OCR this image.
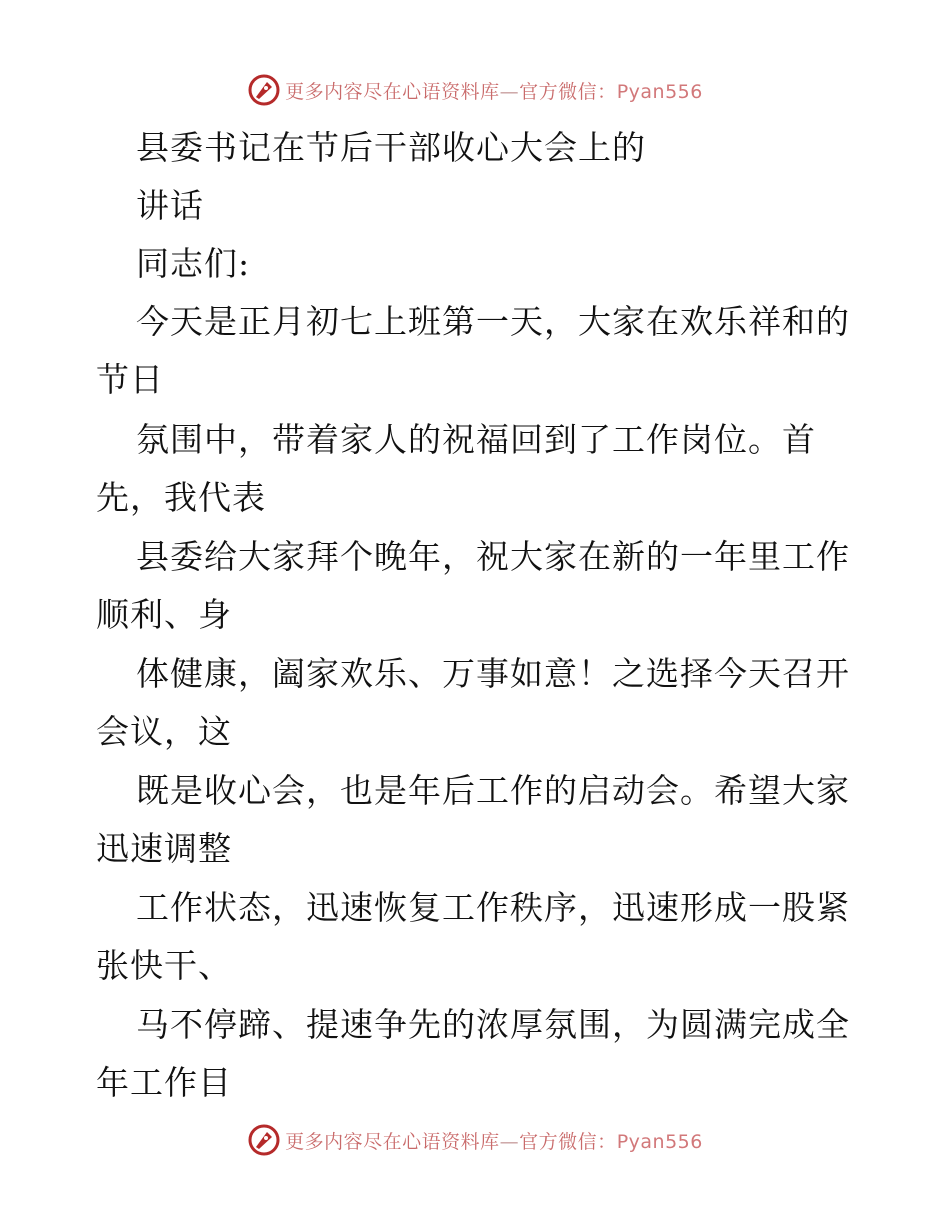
更多内容尽在心语资料库—官方微信：Pyan556
县委书记在节后干部收心大会上的
讲话
同志们:
今天是正月初七上班第一天，大家在欢乐祥和的
节日
氛围中，带着家人的祝福回到了工作岗位。首
先，我代表
县委给大家拜个晚年，祝大家在新的一年里工作
顺利、身
体健康，阖家欢乐、万事如意！之选择今天召开
会议，这
既是收心会，也是年后工作的启动会。希望大家
迅速调整
工作状态，迅速恢复工作秩序，迅速形成一股紧
张快干、
马不停蹄、提速争先的浓厚氛围，为圆满完成全
年工作目
更多内容尽在心语资料库—官方微信：Pyan556
